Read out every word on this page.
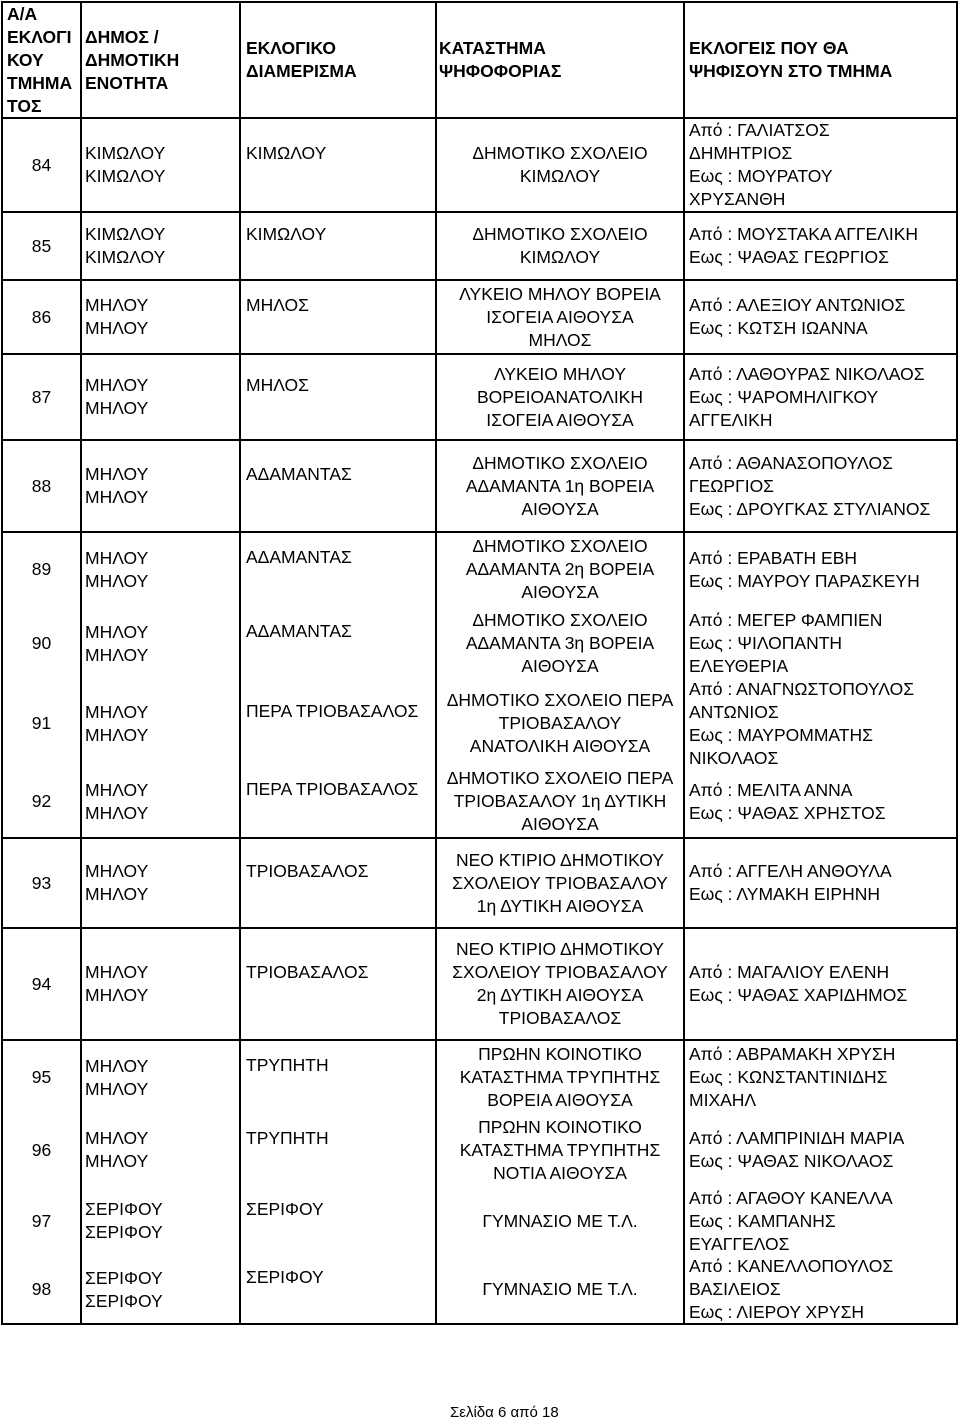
Α/Α
ΕΚΛΟΓΙ
ΚΟΥ
ΤΜΗΜΑ
ΤΟΣ
ΔΗΜΟΣ /
ΔΗΜΟΤΙΚΗ
ΕΝΟΤΗΤΑ
ΕΚΛΟΓΙΚΟ
ΔΙΑΜΕΡΙΣΜΑ
ΚΑΤΑΣΤΗΜΑ
ΨΗΦΟΦΟΡΙΑΣ
ΕΚΛΟΓΕΙΣ ΠΟΥ ΘΑ
ΨΗΦΙΣΟΥΝ ΣΤΟ ΤΜΗΜΑ
84
ΚΙΜΩΛΟΥ
ΚΙΜΩΛΟΥ
ΚΙΜΩΛΟΥ	ΔΗΜΟΤΙΚΟ ΣΧΟΛΕΙΟ
ΚΙΜΩΛΟΥ
Από : ΓΑΛΙΑΤΣΟΣ
ΔΗΜΗΤΡΙΟΣ
Εως : ΜΟΥΡΑΤΟΥ
ΧΡΥΣΑΝΘΗ
85
ΚΙΜΩΛΟΥ
ΚΙΜΩΛΟΥ
ΚΙΜΩΛΟΥ	ΔΗΜΟΤΙΚΟ ΣΧΟΛΕΙΟ
ΚΙΜΩΛΟΥ
Από : ΜΟΥΣΤΑΚΑ ΑΓΓΕΛΙΚΗ
Εως : ΨΑΘΑΣ ΓΕΩΡΓΙΟΣ
86
ΜΗΛΟΥ
ΜΗΛΟΥ
ΜΗΛΟΣ
ΛΥΚΕΙΟ ΜΗΛΟΥ ΒΟΡΕΙΑ
ΙΣΟΓΕΙΑ ΑΙΘΟΥΣΑ
ΜΗΛΟΣ
Από : ΑΛΕΞΙΟΥ ΑΝΤΩΝΙΟΣ
Εως : ΚΩΤΣΗ ΙΩΑΝΝΑ
87
ΜΗΛΟΥ
ΜΗΛΟΥ
ΜΗΛΟΣ
ΛΥΚΕΙΟ ΜΗΛΟΥ
ΒΟΡΕΙΟΑΝΑΤΟΛΙΚΗ
ΙΣΟΓΕΙΑ ΑΙΘΟΥΣΑ
Από : ΛΑΘΟΥΡΑΣ ΝΙΚΟΛΑΟΣ
Εως : ΨΑΡΟΜΗΛΙΓΚΟΥ
ΑΓΓΕΛΙΚΗ
88
ΜΗΛΟΥ
ΜΗΛΟΥ
ΑΔΑΜΑΝΤΑΣ
ΔΗΜΟΤΙΚΟ ΣΧΟΛΕΙΟ
ΑΔΑΜΑΝΤΑ 1η ΒΟΡΕΙΑ
ΑΙΘΟΥΣΑ
Από : ΑΘΑΝΑΣΟΠΟΥΛΟΣ
ΓΕΩΡΓΙΟΣ
Εως : ΔΡΟΥΓΚΑΣ ΣΤΥΛΙΑΝΟΣ
89
ΜΗΛΟΥ
ΜΗΛΟΥ
ΑΔΑΜΑΝΤΑΣ
ΔΗΜΟΤΙΚΟ ΣΧΟΛΕΙΟ
ΑΔΑΜΑΝΤΑ 2η ΒΟΡΕΙΑ
ΑΙΘΟΥΣΑ
Από : ΕΡΑΒΑΤΗ ΕΒΗ
Εως : ΜΑΥΡΟΥ ΠΑΡΑΣΚΕΥΗ
90
ΜΗΛΟΥ
ΜΗΛΟΥ
ΑΔΑΜΑΝΤΑΣ
ΔΗΜΟΤΙΚΟ ΣΧΟΛΕΙΟ
ΑΔΑΜΑΝΤΑ 3η ΒΟΡΕΙΑ
ΑΙΘΟΥΣΑ
Από : ΜΕΓΕΡ ΦΑΜΠΙΕΝ
Εως : ΨΙΛΟΠΑΝΤΗ
ΕΛΕΥΘΕΡΙΑ
91
ΜΗΛΟΥ
ΜΗΛΟΥ
ΠΕΡΑ ΤΡΙΟΒΑΣΑΛΟΣ
ΔΗΜΟΤΙΚΟ ΣΧΟΛΕΙΟ ΠΕΡΑ
ΤΡΙΟΒΑΣΑΛΟΥ
ΑΝΑΤΟΛΙΚΗ ΑΙΘΟΥΣΑ
Από : ΑΝΑΓΝΩΣΤΟΠΟΥΛΟΣ
ΑΝΤΩΝΙΟΣ
Εως : ΜΑΥΡΟΜΜΑΤΗΣ
ΝΙΚΟΛΑΟΣ
92
ΜΗΛΟΥ
ΜΗΛΟΥ
ΠΕΡΑ ΤΡΙΟΒΑΣΑΛΟΣ
ΔΗΜΟΤΙΚΟ ΣΧΟΛΕΙΟ ΠΕΡΑ
ΤΡΙΟΒΑΣΑΛΟΥ 1η ΔΥΤΙΚΗ
ΑΙΘΟΥΣΑ
Από : ΜΕΛΙΤΑ ΑΝΝΑ
Εως : ΨΑΘΑΣ ΧΡΗΣΤΟΣ
93
ΜΗΛΟΥ
ΜΗΛΟΥ
ΤΡΙΟΒΑΣΑΛΟΣ
ΝΕΟ ΚΤΙΡΙΟ ΔΗΜΟΤΙΚΟΥ
ΣΧΟΛΕΙΟΥ ΤΡΙΟΒΑΣΑΛΟΥ
1η ΔΥΤΙΚΗ ΑΙΘΟΥΣΑ
Από : ΑΓΓΕΛΗ ΑΝΘΟΥΛΑ
Εως : ΛΥΜΑΚΗ ΕΙΡΗΝΗ
94
ΜΗΛΟΥ
ΜΗΛΟΥ
ΤΡΙΟΒΑΣΑΛΟΣ
ΝΕΟ ΚΤΙΡΙΟ ΔΗΜΟΤΙΚΟΥ
ΣΧΟΛΕΙΟΥ ΤΡΙΟΒΑΣΑΛΟΥ
2η ΔΥΤΙΚΗ ΑΙΘΟΥΣΑ
ΤΡΙΟΒΑΣΑΛΟΣ
Από : ΜΑΓΑΛΙΟΥ ΕΛΕΝΗ
Εως : ΨΑΘΑΣ ΧΑΡΙΔΗΜΟΣ
95
ΜΗΛΟΥ
ΜΗΛΟΥ
ΤΡΥΠΗΤΗ
ΠΡΩΗΝ ΚΟΙΝΟΤΙΚΟ
ΚΑΤΑΣΤΗΜΑ ΤΡΥΠΗΤΗΣ
ΒΟΡΕΙΑ ΑΙΘΟΥΣΑ
Από : ΑΒΡΑΜΑΚΗ ΧΡΥΣΗ
Εως : ΚΩΝΣΤΑΝΤΙΝΙΔΗΣ
ΜΙΧΑΗΛ
96
ΜΗΛΟΥ
ΜΗΛΟΥ
ΤΡΥΠΗΤΗ
ΠΡΩΗΝ ΚΟΙΝΟΤΙΚΟ
ΚΑΤΑΣΤΗΜΑ ΤΡΥΠΗΤΗΣ
ΝΟΤΙΑ ΑΙΘΟΥΣΑ
Από : ΛΑΜΠΡΙΝΙΔΗ ΜΑΡΙΑ
Εως : ΨΑΘΑΣ ΝΙΚΟΛΑΟΣ
97
ΣΕΡΙΦΟΥ
ΣΕΡΙΦΟΥ
ΣΕΡΙΦΟΥ
ΓΥΜΝΑΣΙΟ ΜΕ Τ.Λ.
Από : ΑΓΑΘΟΥ ΚΑΝΕΛΛΑ
Εως : ΚΑΜΠΑΝΗΣ
ΕΥΑΓΓΕΛΟΣ
98
ΣΕΡΙΦΟΥ
ΣΕΡΙΦΟΥ
ΣΕΡΙΦΟΥ
ΓΥΜΝΑΣΙΟ ΜΕ Τ.Λ.
Από : ΚΑΝΕΛΛΟΠΟΥΛΟΣ
ΒΑΣΙΛΕΙΟΣ
Εως : ΛΙΕΡΟΥ ΧΡΥΣΗ
Σελίδα 6 από 18
